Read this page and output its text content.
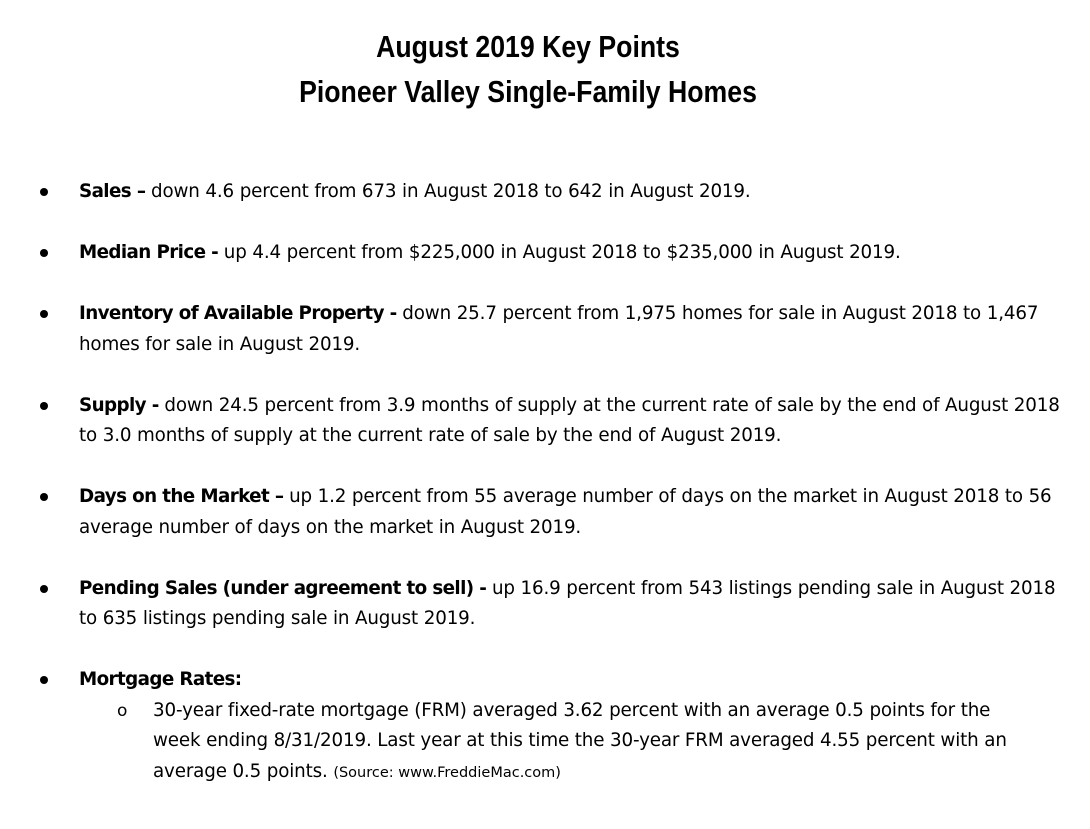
August 2019 Key Points
Pioneer Valley Single-Family Homes
Sales – down 4.6 percent from 673 in August 2018 to 642 in August 2019.
Median Price - up 4.4 percent from $225,000 in August 2018 to $235,000 in August 2019.
Inventory of Available Property - down 25.7 percent from 1,975 homes for sale in August 2018 to 1,467 homes for sale in August 2019.
Supply - down 24.5 percent from 3.9 months of supply at the current rate of sale by the end of August 2018 to 3.0 months of supply at the current rate of sale by the end of August 2019.
Days on the Market – up 1.2 percent from 55 average number of days on the market in August 2018 to 56 average number of days on the market in August 2019.
Pending Sales (under agreement to sell) - up 16.9 percent from 543 listings pending sale in August 2018 to 635 listings pending sale in August 2019.
Mortgage Rates:
o 30-year fixed-rate mortgage (FRM) averaged 3.62 percent with an average 0.5 points for the week ending 8/31/2019. Last year at this time the 30-year FRM averaged 4.55 percent with an average 0.5 points. (Source: www.FreddieMac.com)
